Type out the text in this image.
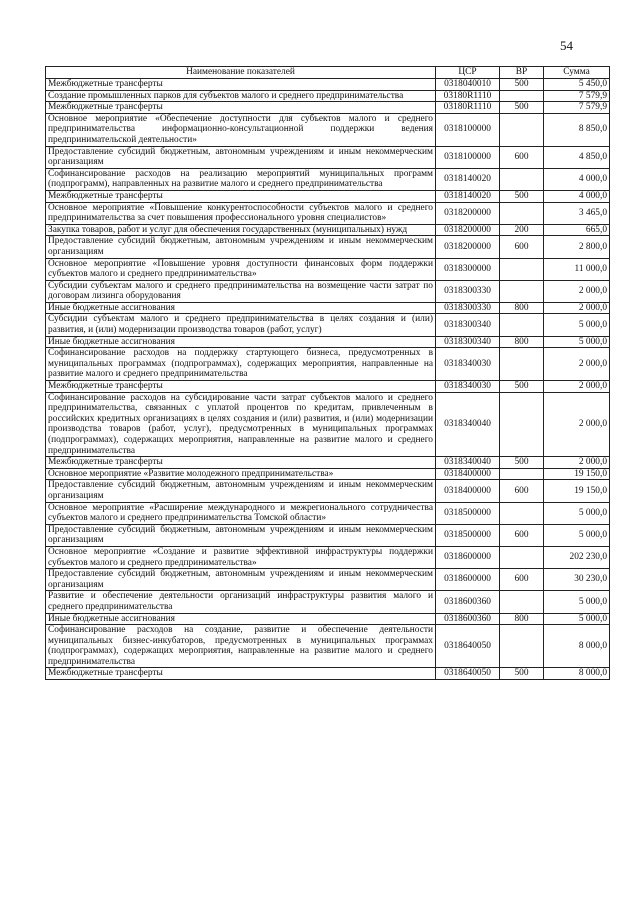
54
Наименование показателей	ЦСР	ВР	Сумма
Межбюджетные трансферты	0318040010	500	5 450,0
Создание промышленных парков для субъектов малого и среднего предпринимательства	03180R1110		7 579,9
Межбюджетные трансферты	03180R1110	500	7 579,9
Основное мероприятие «Обеспечение доступности для субъектов малого и среднего предпринимательства информационно-консультационной поддержки ведения предпринимательской деятельности»	0318100000		8 850,0
Предоставление субсидий бюджетным, автономным учреждениям и иным некоммерческим организациям	0318100000	600	4 850,0
Софинансирование расходов на реализацию мероприятий муниципальных программ (подпрограмм), направленных на развитие малого и среднего предпринимательства	0318140020		4 000,0
Межбюджетные трансферты	0318140020	500	4 000,0
Основное мероприятие «Повышение конкурентоспособности субъектов малого и среднего предпринимательства за счет повышения профессионального уровня специалистов»	0318200000		3 465,0
Закупка товаров, работ и услуг для обеспечения государственных (муниципальных) нужд	0318200000	200	665,0
Предоставление субсидий бюджетным, автономным учреждениям и иным некоммерческим организациям	0318200000	600	2 800,0
Основное мероприятие «Повышение уровня доступности финансовых форм поддержки субъектов малого и среднего предпринимательства»	0318300000		11 000,0
Субсидии субъектам малого и среднего предпринимательства на возмещение части затрат по договорам лизинга оборудования	0318300330		2 000,0
Иные бюджетные ассигнования	0318300330	800	2 000,0
Субсидии субъектам малого и среднего предпринимательства в целях создания и (или) развития, и (или) модернизации производства товаров (работ, услуг)	0318300340		5 000,0
Иные бюджетные ассигнования	0318300340	800	5 000,0
Софинансирование расходов на поддержку стартующего бизнеса, предусмотренных в муниципальных программах (подпрограммах), содержащих мероприятия, направленные на развитие малого и среднего предпринимательства	0318340030		2 000,0
Межбюджетные трансферты	0318340030	500	2 000,0
Софинансирование расходов на субсидирование части затрат субъектов малого и среднего предпринимательства, связанных с уплатой процентов по кредитам, привлеченным в российских кредитных организациях в целях создания и (или) развития, и (или) модернизации производства товаров (работ, услуг), предусмотренных в муниципальных программах (подпрограммах), содержащих мероприятия, направленные на развитие малого и среднего предпринимательства	0318340040		2 000,0
Межбюджетные трансферты	0318340040	500	2 000,0
Основное мероприятие «Развитие молодежного предпринимательства»	0318400000		19 150,0
Предоставление субсидий бюджетным, автономным учреждениям и иным некоммерческим организациям	0318400000	600	19 150,0
Основное мероприятие «Расширение международного и межрегионального сотрудничества субъектов малого и среднего предпринимательства Томской области»	0318500000		5 000,0
Предоставление субсидий бюджетным, автономным учреждениям и иным некоммерческим организациям	0318500000	600	5 000,0
Основное мероприятие «Создание и развитие эффективной инфраструктуры поддержки субъектов малого и среднего предпринимательства»	0318600000		202 230,0
Предоставление субсидий бюджетным, автономным учреждениям и иным некоммерческим организациям	0318600000	600	30 230,0
Развитие и обеспечение деятельности организаций инфраструктуры развития малого и среднего предпринимательства	0318600360		5 000,0
Иные бюджетные ассигнования	0318600360	800	5 000,0
Софинансирование расходов на создание, развитие и обеспечение деятельности муниципальных бизнес-инкубаторов, предусмотренных в муниципальных программах (подпрограммах), содержащих мероприятия, направленные на развитие малого и среднего предпринимательства	0318640050		8 000,0
Межбюджетные трансферты	0318640050	500	8 000,0
